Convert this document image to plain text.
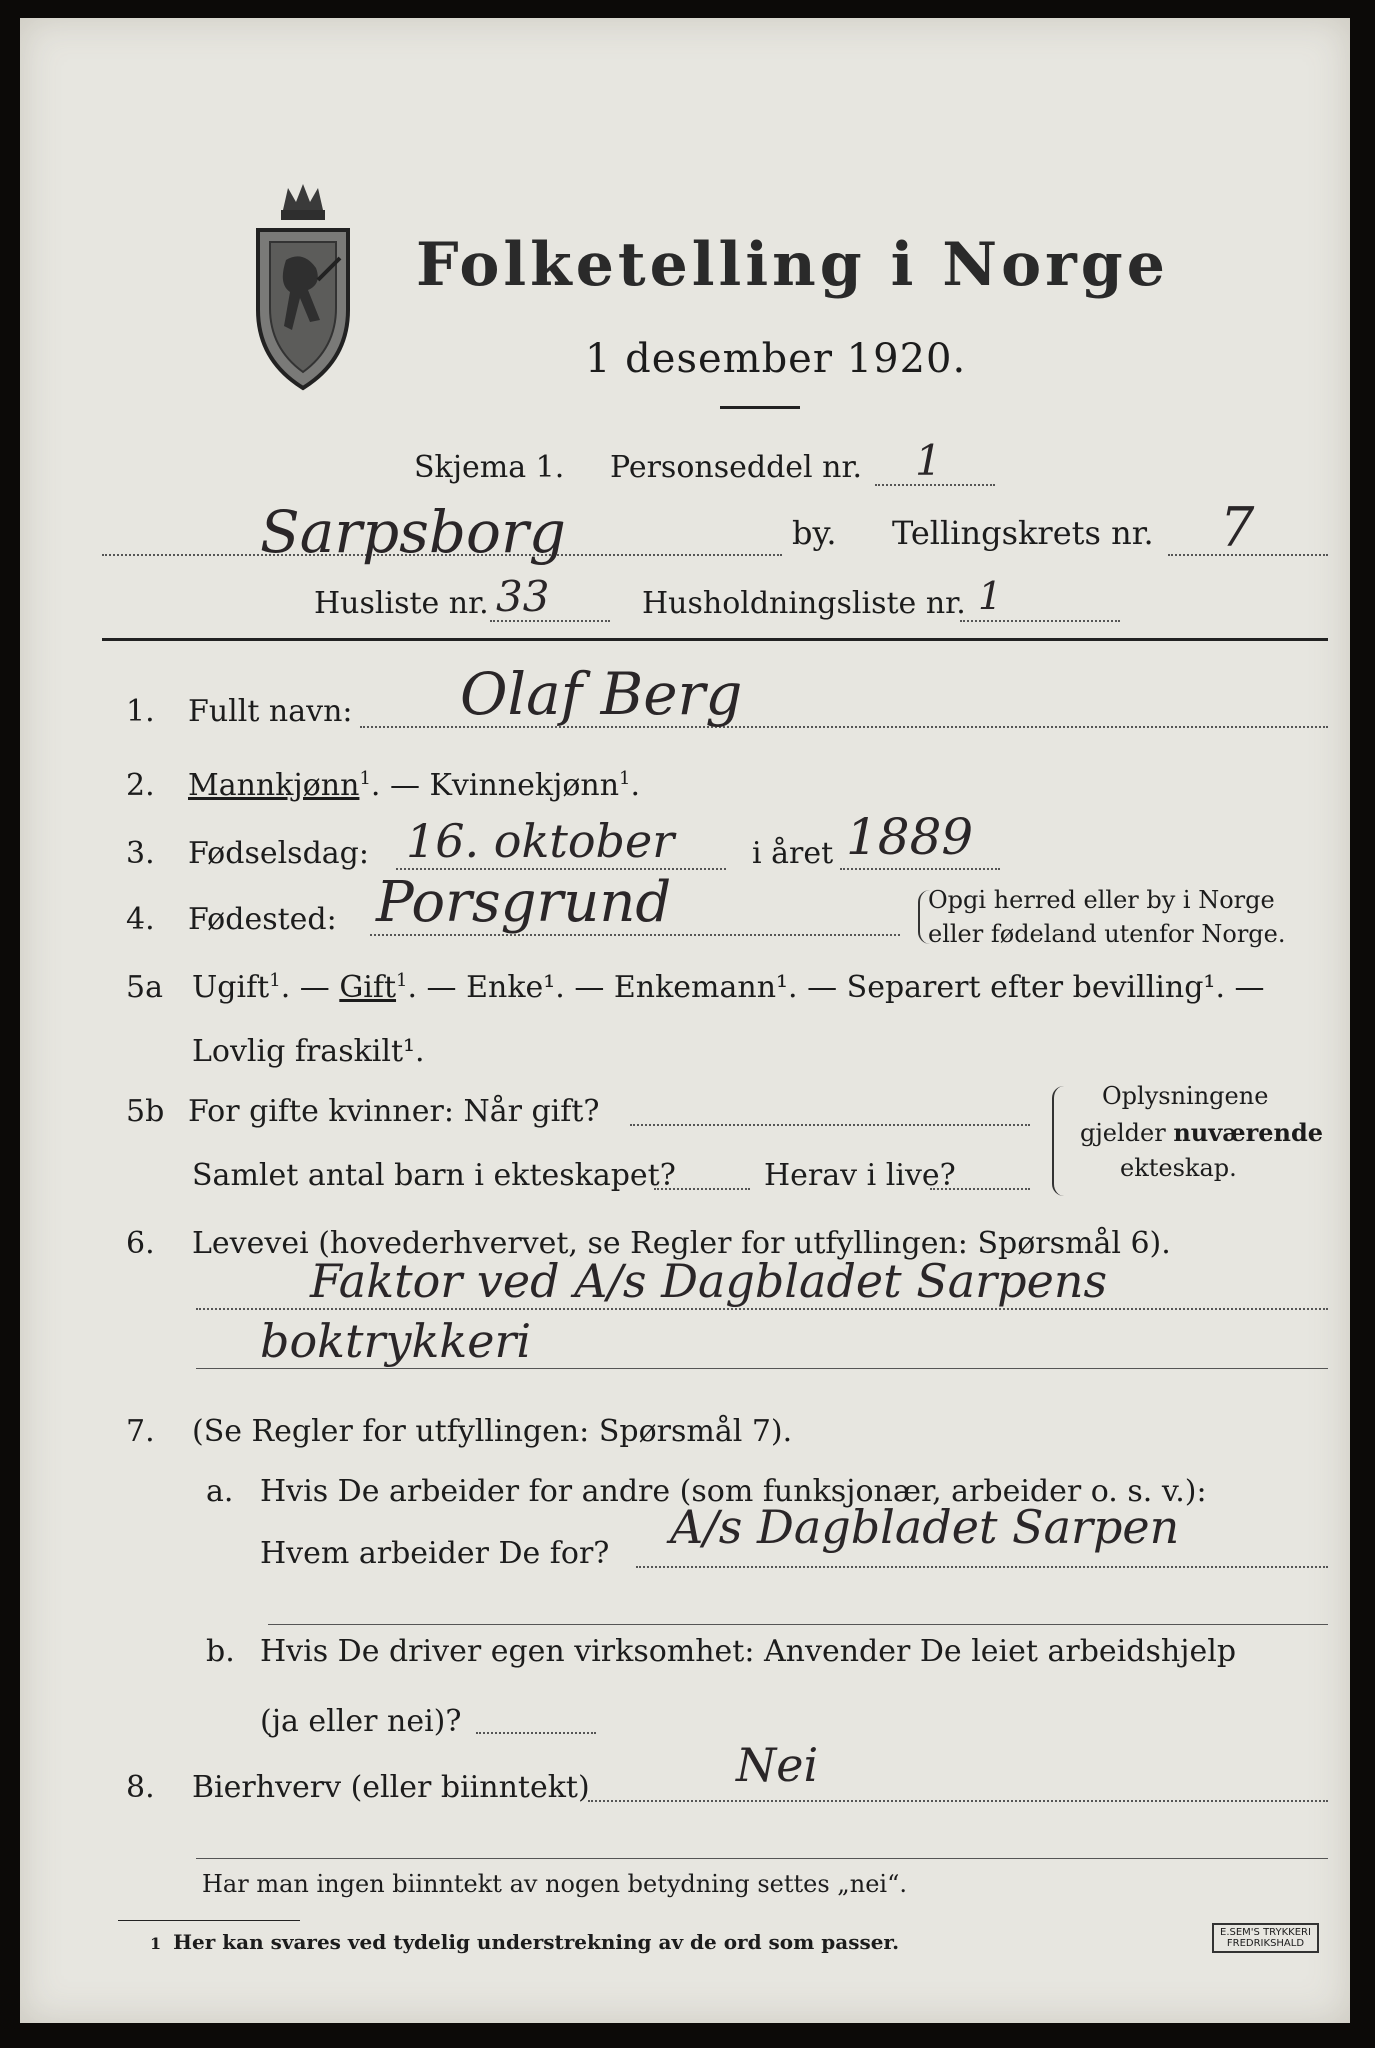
Folketelling i Norge
1 desember 1920.
Skjema 1. Personseddel nr. 1
Sarpsborg	by. Tellingskrets nr. 7
Husliste nr. 33	Husholdningsliste nr. 1
1. Fullt navn: Olaf Berg
2. Mannkjønn$^1$. — Kvinnekjønn$^1$.
3. Fødselsdag: 16. oktober	i året 1889
4. Fødested: Porsgrund	Opgi herred eller by i Norge
eller fødeland utenfor Norge.
5a Ugift$^1$. — Gift$^1$. — Enke¹. — Enkemann¹. — Separert efter bevilling¹. —
Lovlig fraskilt¹.
5b For gifte kvinner: Når gift?
Samlet antal barn i ekteskapet?	Herav i live?
Oplysningene
gjelder nuværende
ekteskap.
6. Levevei (hovederhvervet, se Regler for utfyllingen: Spørsmål 6).
Faktor ved A/s Dagbladet Sarpens
boktrykkeri
7. (Se Regler for utfyllingen: Spørsmål 7).
a. Hvis De arbeider for andre (som funksjonær, arbeider o. s. v.):
Hvem arbeider De for? A/s Dagbladet Sarpen
b. Hvis De driver egen virksomhet: Anvender De leiet arbeidshjelp
(ja eller nei)?
8. Bierhverv (eller biinntekt)	Nei
Har man ingen biinntekt av nogen betydning settes „nei“.
1 Her kan svares ved tydelig understrekning av de ord som passer.	E.SEM'S TRYKKERI
FREDRIKSHALD
